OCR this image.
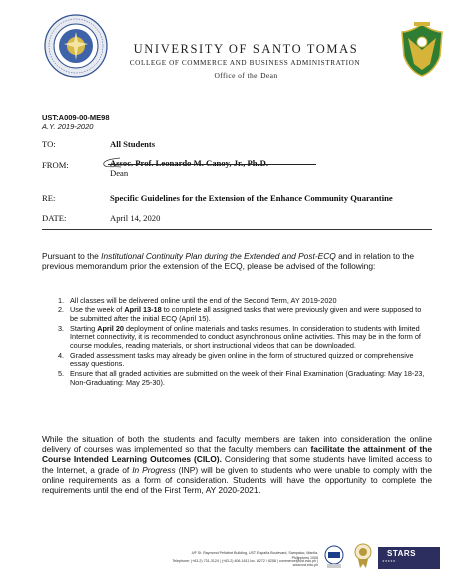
UNIVERSITY OF SANTO TOMAS
COLLEGE OF COMMERCE AND BUSINESS ADMINISTRATION
Office of the Dean
UST:A009-00-ME98
A.Y. 2019-2020
TO:	All Students
FROM:	Assoc. Prof. Leonardo M. Canoy, Jr., Ph.D.
Dean
RE:	Specific Guidelines for the Extension of the Enhance Community Quarantine
DATE:	April 14, 2020
Pursuant to the Institutional Continuity Plan during the Extended and Post-ECQ and in relation to the previous memorandum prior the extension of the ECQ, please be advised of the following:
1. All classes will be delivered online until the end of the Second Term, AY 2019-2020
2. Use the week of April 13-18 to complete all assigned tasks that were previously given and were supposed to be submitted after the initial ECQ (April 15).
3. Starting April 20 deployment of online materials and tasks resumes. In consideration to students with limited Internet connectivity, it is recommended to conduct asynchronous online activities. This may be in the form of course modules, reading materials, or short instructional videos that can be downloaded.
4. Graded assessment tasks may already be given online in the form of structured quizzed or comprehensive essay questions.
5. Ensure that all graded activities are submitted on the week of their Final Examination (Graduating: May 18-23, Non-Graduating: May 25-30).
While the situation of both the students and faculty members are taken into consideration the online delivery of courses was implemented so that the faculty members can facilitate the attainment of the Course Intended Learning Outcomes (CILO). Considering that some students have limited access to the Internet, a grade of In Progress (INP) will be given to students who were unable to comply with the online requirements as a form of consideration. Students will have the opportunity to complete the requirements until the end of the First Term, AY 2020-2021.
4/F St. Raymond Peñafort Building, UST España Boulevard, Sampaloc, Manila, Philippines 1008
Telephone: (+63-2) 731-3124 | (+63-2) 406-1611 loc. 8272 / 8258 | commerce@ust.edu.ph | www.ust.edu.ph
STARS
★★★★★
